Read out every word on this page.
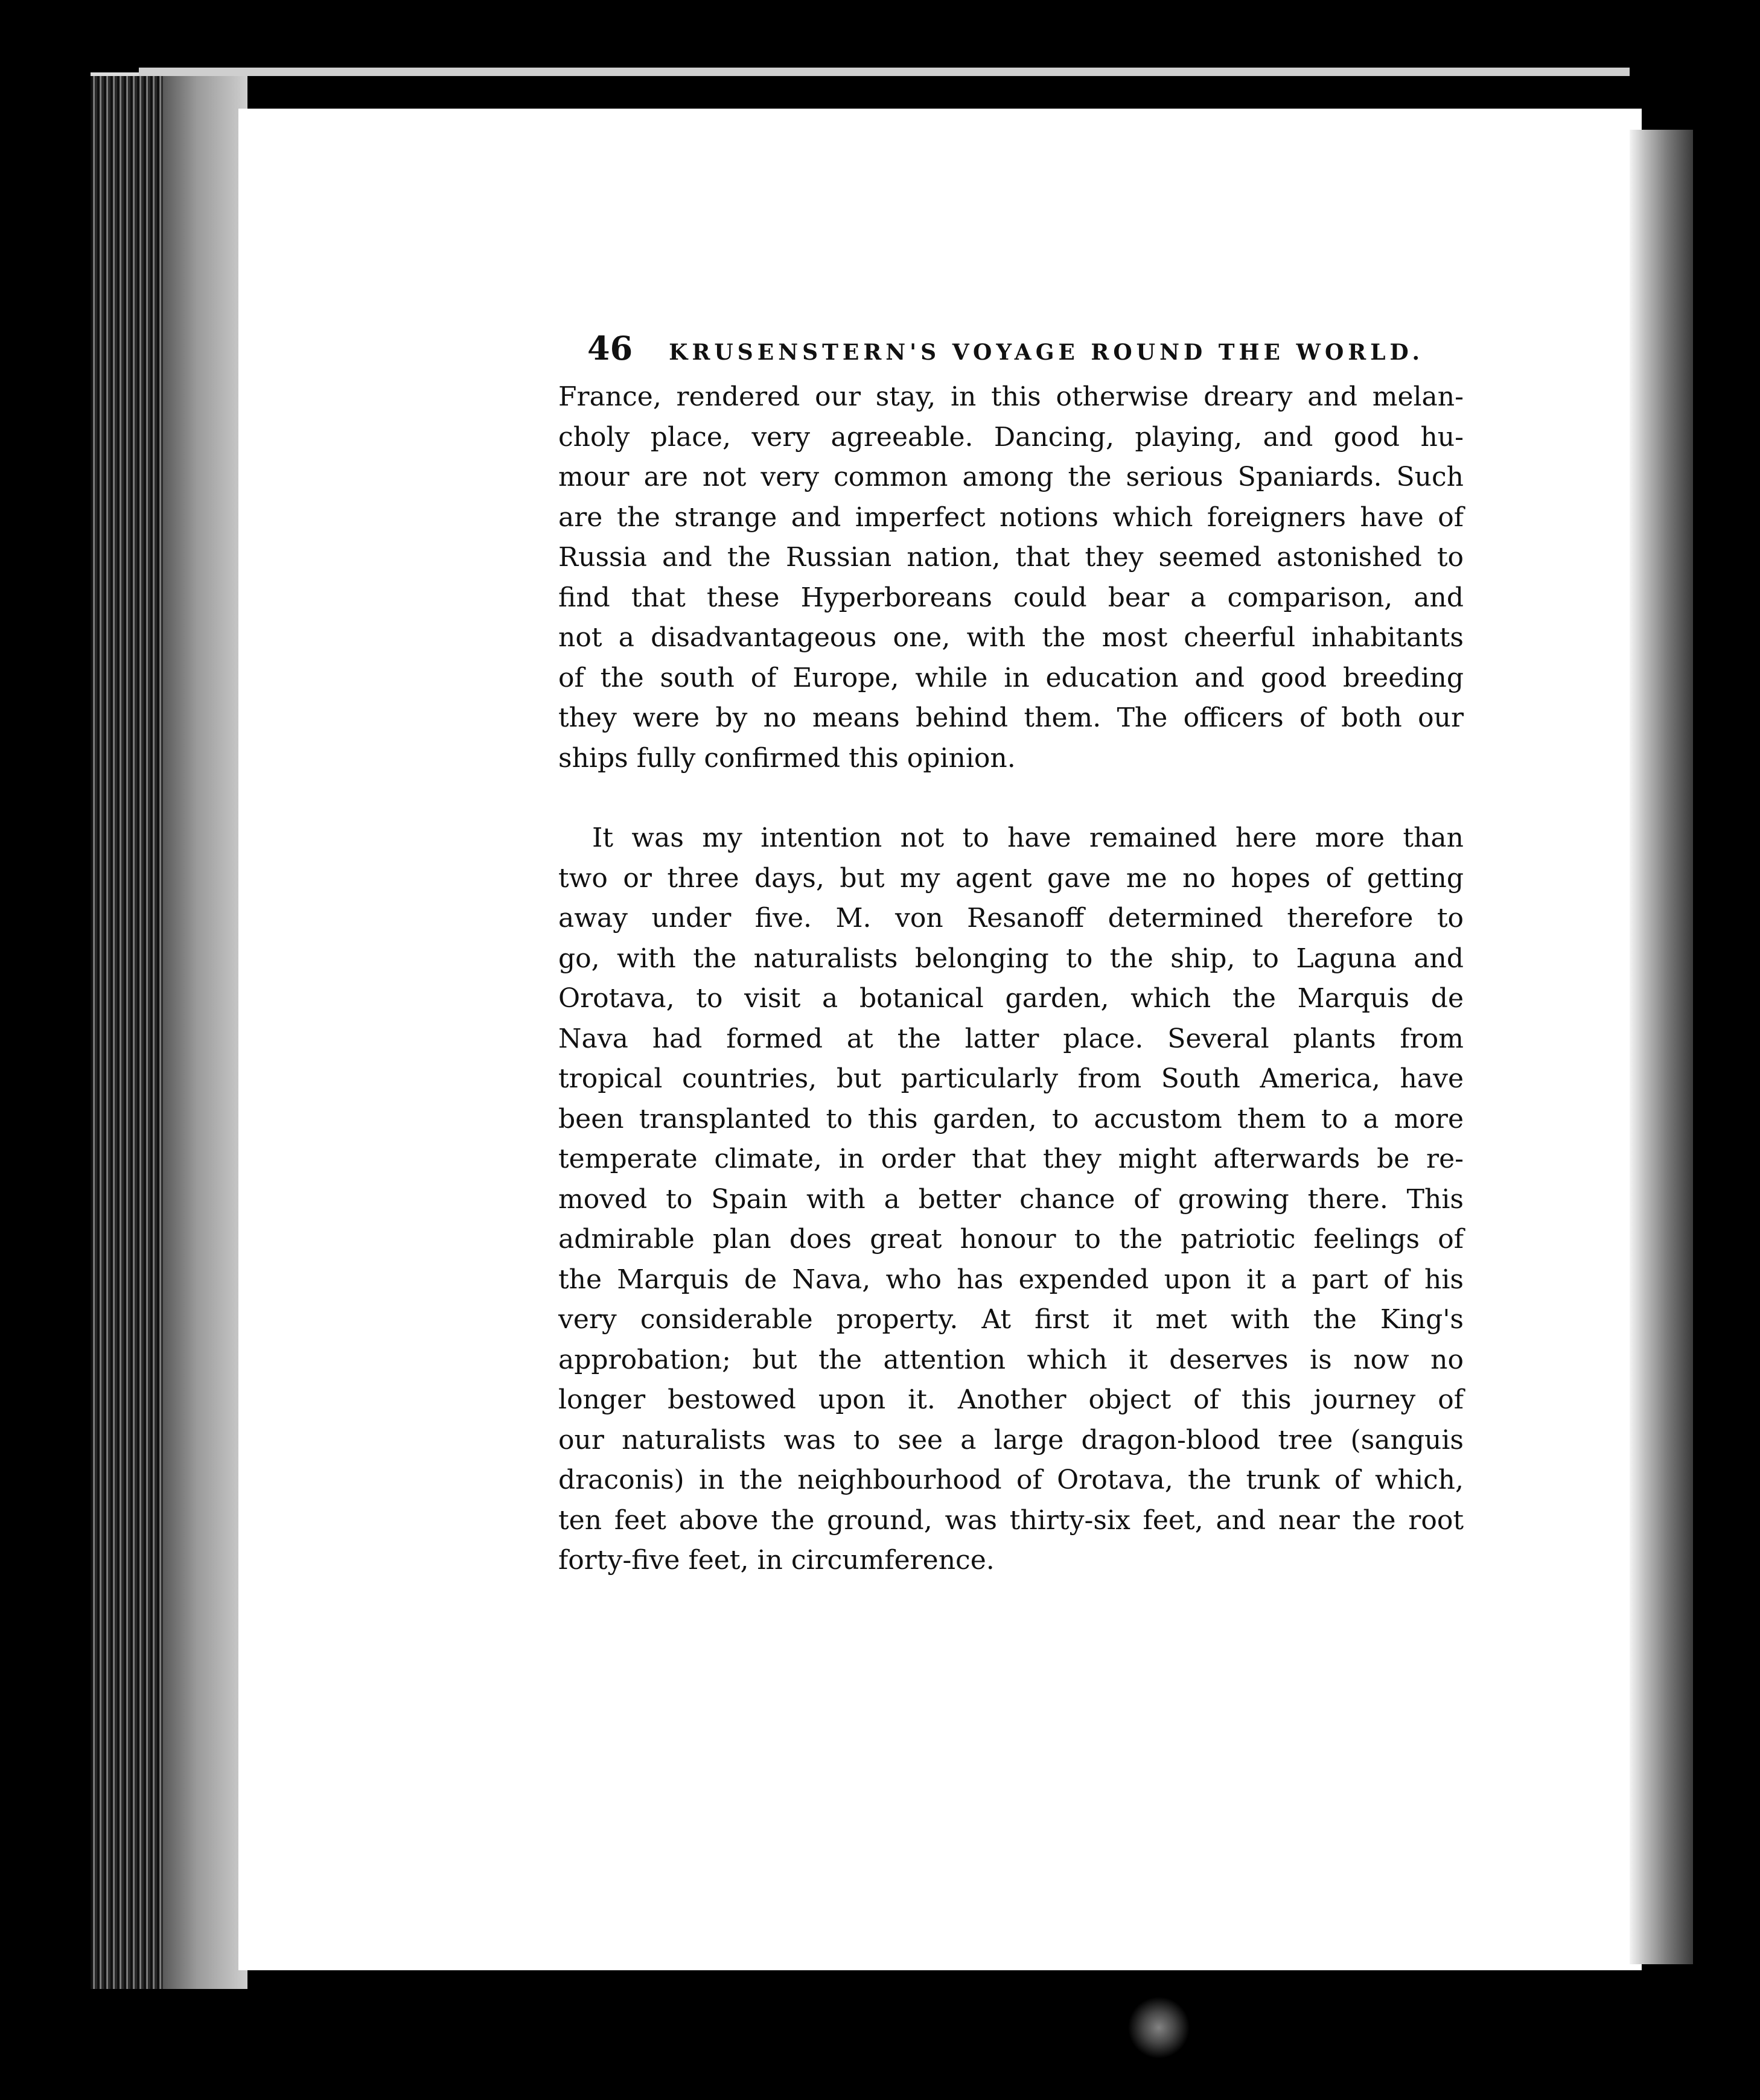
46 KRUSENSTERN'S VOYAGE ROUND THE WORLD.
France, rendered our stay, in this otherwise dreary and melan-
choly place, very agreeable. Dancing, playing, and good hu-
mour are not very common among the serious Spaniards. Such
are the strange and imperfect notions which foreigners have of
Russia and the Russian nation, that they seemed astonished to
find that these Hyperboreans could bear a comparison, and
not a disadvantageous one, with the most cheerful inhabitants
of the south of Europe, while in education and good breeding
they were by no means behind them. The officers of both our
ships fully confirmed this opinion.
It was my intention not to have remained here more than
two or three days, but my agent gave me no hopes of getting
away under five. M. von Resanoff determined therefore to
go, with the naturalists belonging to the ship, to Laguna and
Orotava, to visit a botanical garden, which the Marquis de
Nava had formed at the latter place. Several plants from
tropical countries, but particularly from South America, have
been transplanted to this garden, to accustom them to a more
temperate climate, in order that they might afterwards be re-
moved to Spain with a better chance of growing there. This
admirable plan does great honour to the patriotic feelings of
the Marquis de Nava, who has expended upon it a part of his
very considerable property. At first it met with the King's
approbation; but the attention which it deserves is now no
longer bestowed upon it. Another object of this journey of
our naturalists was to see a large dragon-blood tree (sanguis
draconis) in the neighbourhood of Orotava, the trunk of which,
ten feet above the ground, was thirty-six feet, and near the root
forty-five feet, in circumference.
